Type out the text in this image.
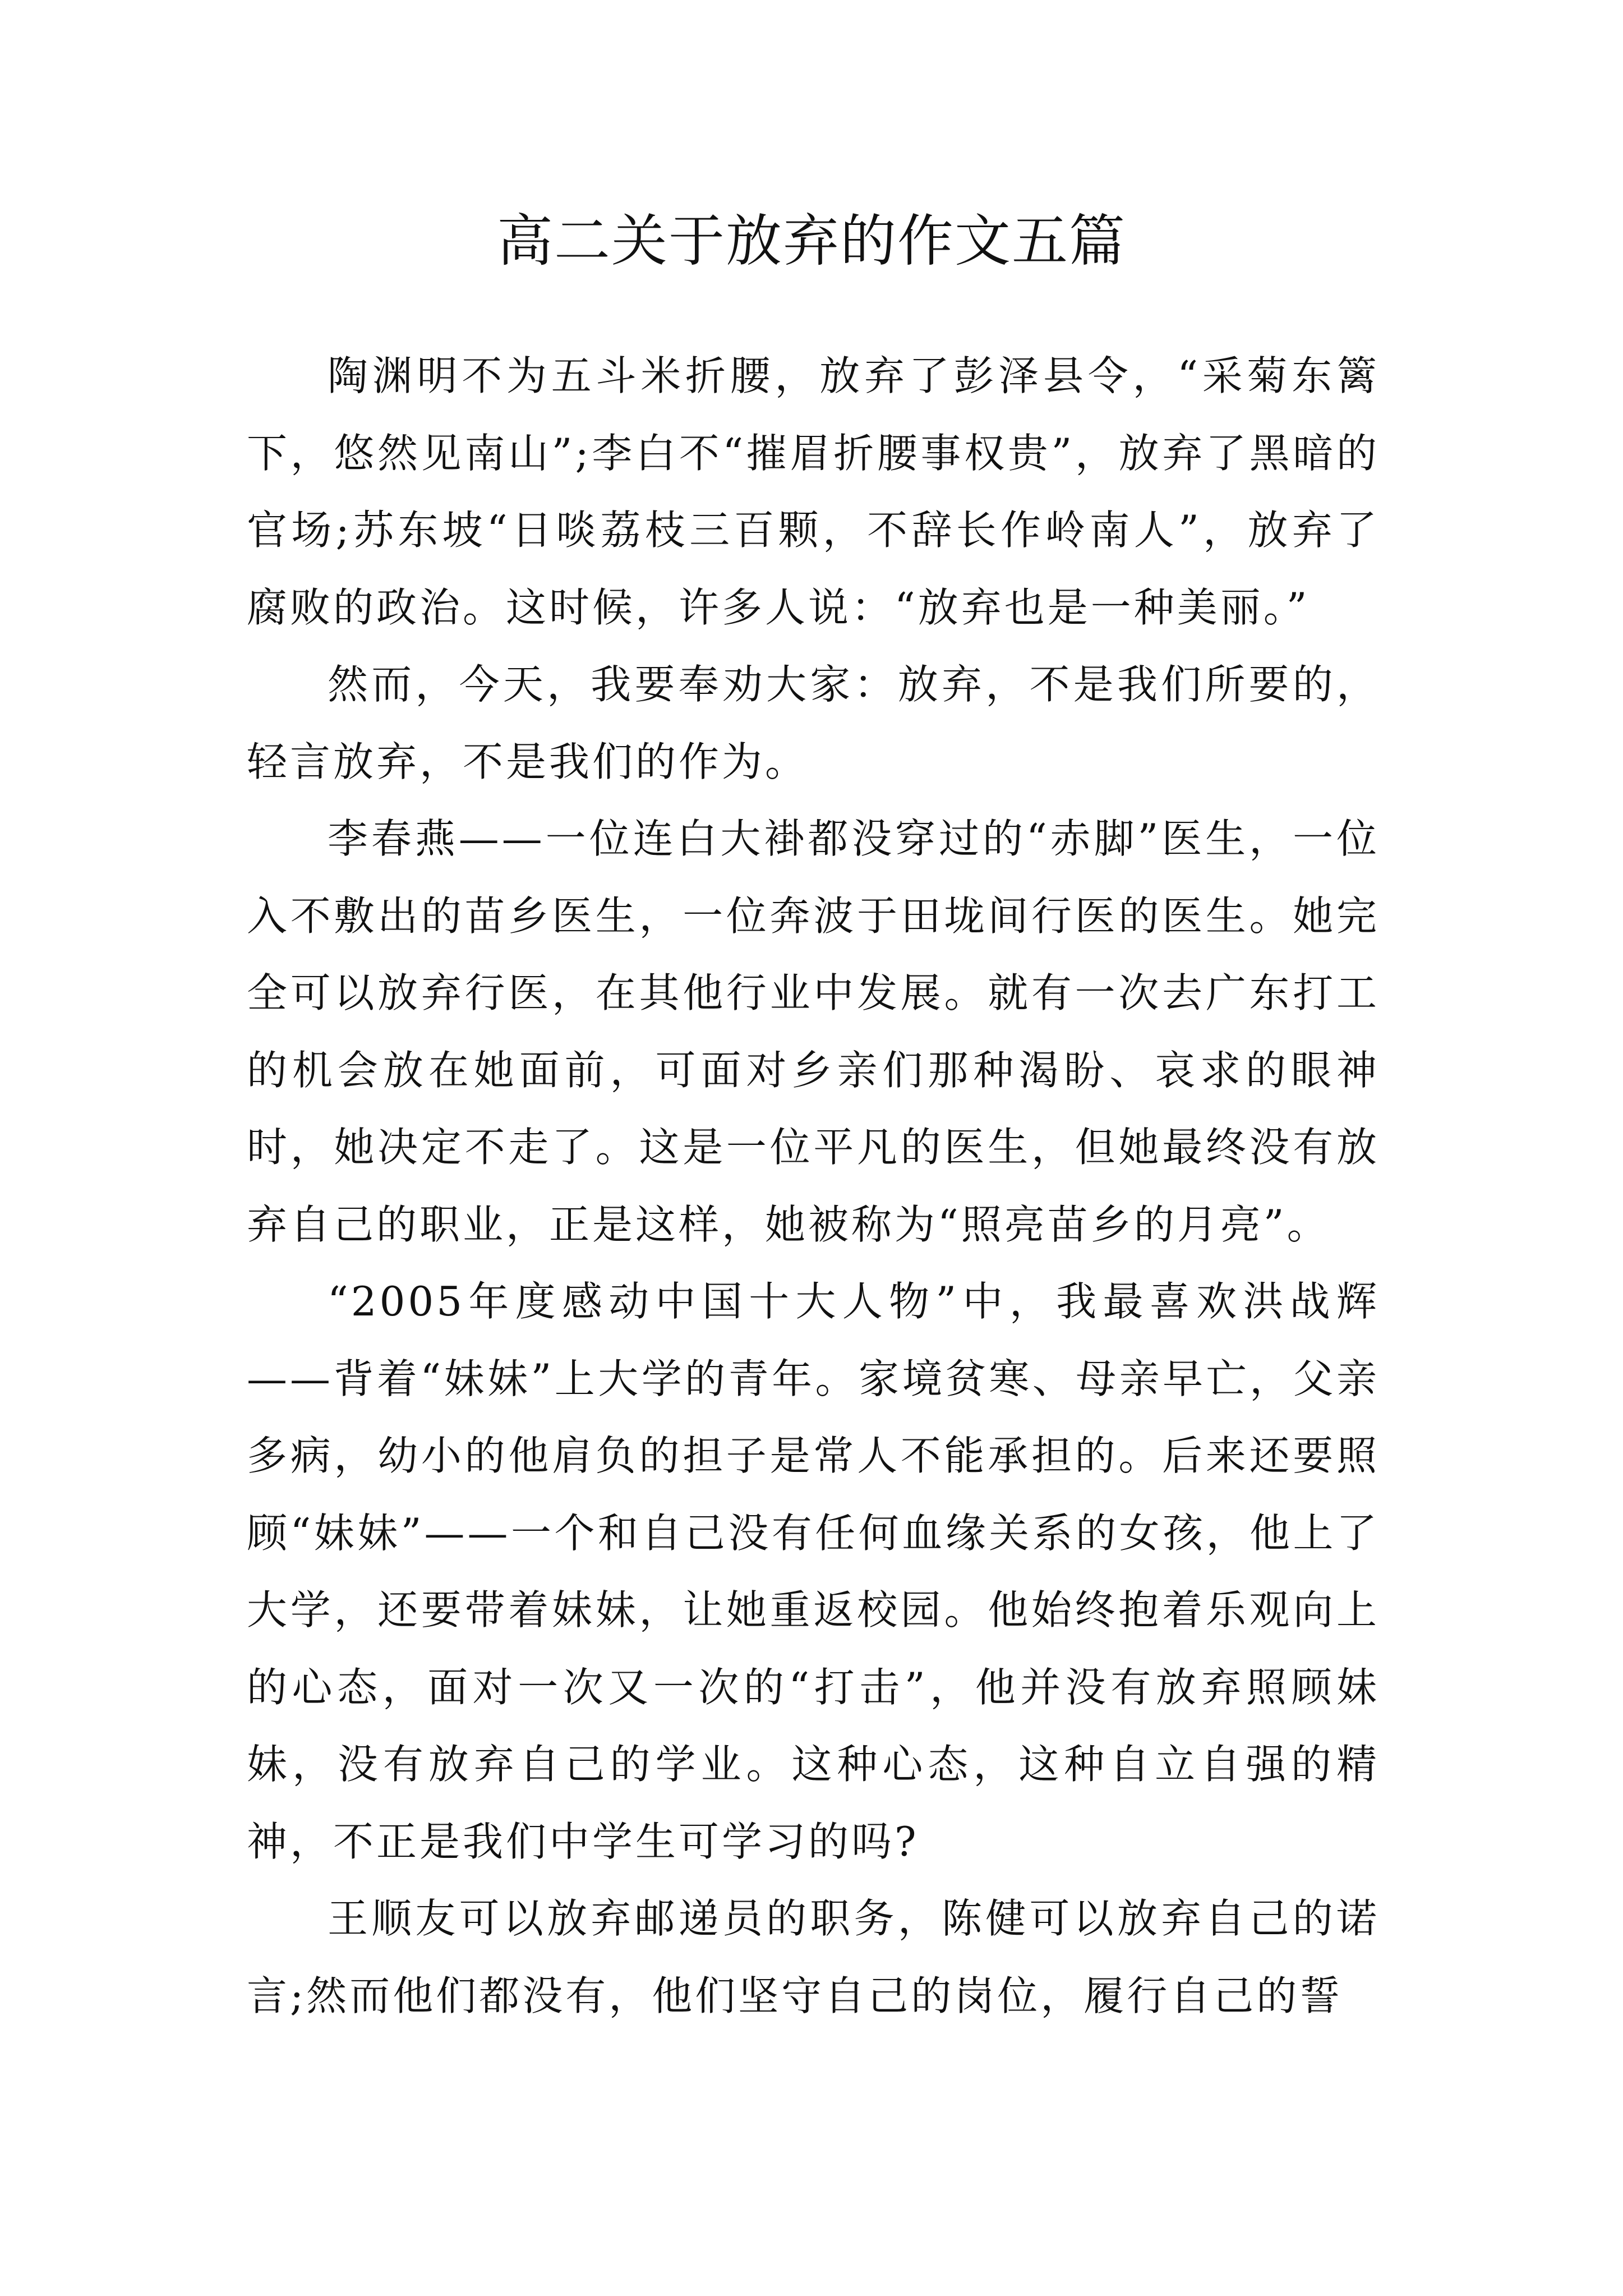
高二关于放弃的作文五篇

陶渊明不为五斗米折腰，放弃了彭泽县令，“采菊东篱下，悠然见南山”;李白不“摧眉折腰事权贵”，放弃了黑暗的官场;苏东坡“日啖荔枝三百颗，不辞长作岭南人”，放弃了腐败的政治。这时候，许多人说：“放弃也是一种美丽。”

然而，今天，我要奉劝大家：放弃，不是我们所要的，轻言放弃，不是我们的作为。

李春燕——一位连白大褂都没穿过的“赤脚”医生，一位入不敷出的苗乡医生，一位奔波于田垅间行医的医生。她完全可以放弃行医，在其他行业中发展。就有一次去广东打工的机会放在她面前，可面对乡亲们那种渴盼、哀求的眼神时，她决定不走了。这是一位平凡的医生，但她最终没有放弃自己的职业，正是这样，她被称为“照亮苗乡的月亮”。

“2005年度感动中国十大人物”中，我最喜欢洪战辉——背着“妹妹”上大学的青年。家境贫寒、母亲早亡，父亲多病，幼小的他肩负的担子是常人不能承担的。后来还要照顾“妹妹”——一个和自己没有任何血缘关系的女孩，他上了大学，还要带着妹妹，让她重返校园。他始终抱着乐观向上的心态，面对一次又一次的“打击”，他并没有放弃照顾妹妹，没有放弃自己的学业。这种心态，这种自立自强的精神，不正是我们中学生可学习的吗?

王顺友可以放弃邮递员的职务，陈健可以放弃自己的诺言;然而他们都没有，他们坚守自己的岗位，履行自己的誓
